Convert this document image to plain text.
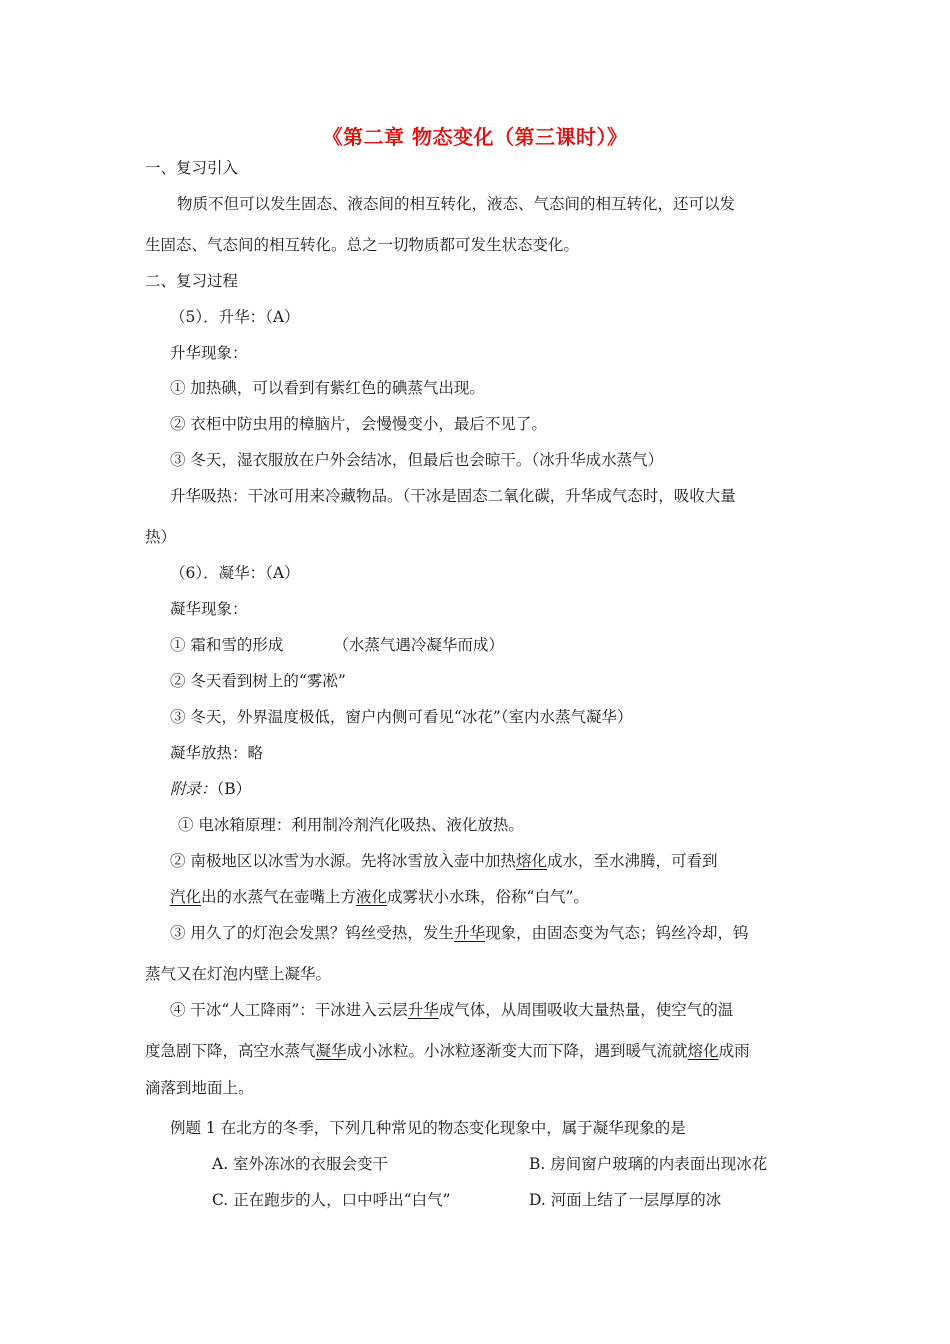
《第二章 物态变化（第三课时）》
一、复习引入
物质不但可以发生固态、液态间的相互转化，液态、气态间的相互转化，还可以发
生固态、气态间的相互转化。总之一切物质都可发生状态变化。
二、复习过程
（5）．升华：（A）
升华现象：
① 加热碘，可以看到有紫红色的碘蒸气出现。
② 衣柜中防虫用的樟脑片，会慢慢变小，最后不见了。
③ 冬天，湿衣服放在户外会结冰，但最后也会晾干。（冰升华成水蒸气）
升华吸热：干冰可用来冷藏物品。（干冰是固态二氧化碳，升华成气态时，吸收大量
热）
（6）．凝华：（A）
凝华现象：
① 霜和雪的形成	（水蒸气遇冷凝华而成）
② 冬天看到树上的“雾凇”
③ 冬天，外界温度极低，窗户内侧可看见“冰花”（室内水蒸气凝华）
凝华放热：略
附录：（B）
① 电冰箱原理：利用制冷剂汽化吸热、液化放热。
② 南极地区以冰雪为水源。先将冰雪放入壶中加热熔化成水，至水沸腾，可看到
汽化出的水蒸气在壶嘴上方液化成雾状小水珠，俗称“白气”。
③ 用久了的灯泡会发黑？钨丝受热，发生升华现象，由固态变为气态；钨丝冷却，钨
蒸气又在灯泡内壁上凝华。
④ 干冰“人工降雨”：干冰进入云层升华成气体，从周围吸收大量热量，使空气的温
度急剧下降，高空水蒸气凝华成小冰粒。小冰粒逐渐变大而下降，遇到暖气流就熔化成雨
滴落到地面上。
例题 1 在北方的冬季，下列几种常见的物态变化现象中，属于凝华现象的是
A. 室外冻冰的衣服会变干	B. 房间窗户玻璃的内表面出现冰花
C. 正在跑步的人，口中呼出“白气”	D. 河面上结了一层厚厚的冰
